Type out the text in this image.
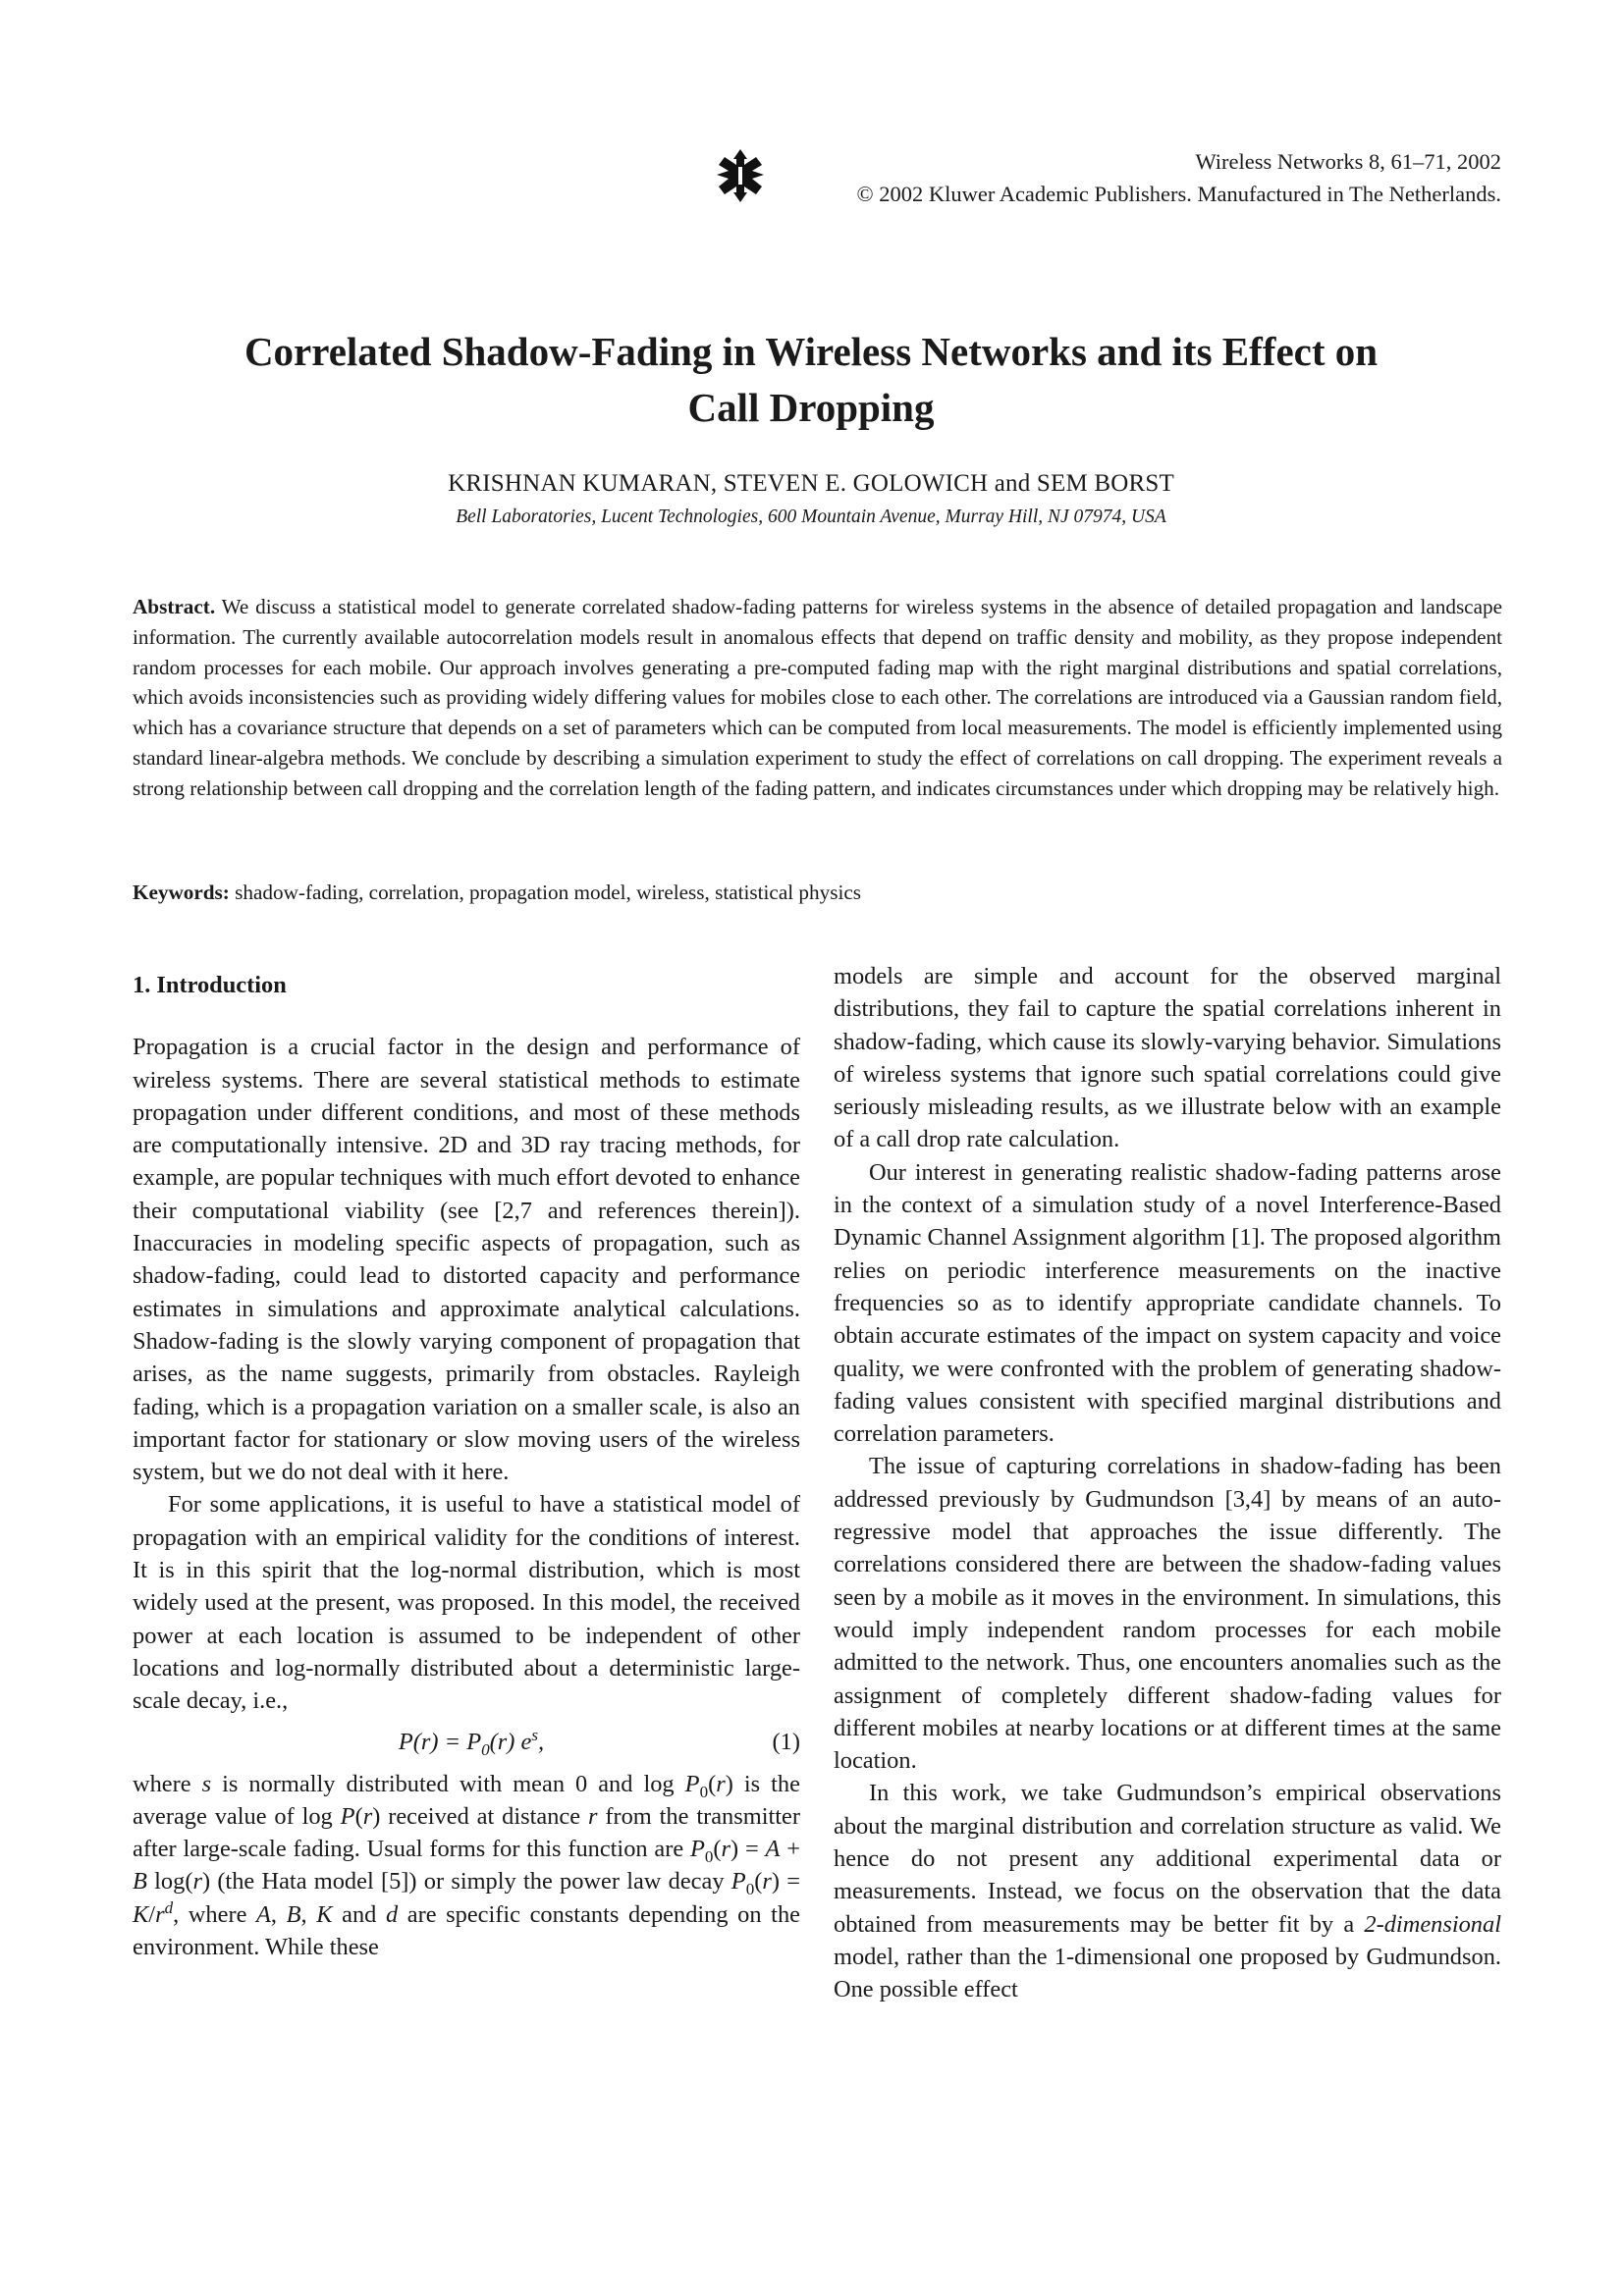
Wireless Networks 8, 61–71, 2002
© 2002 Kluwer Academic Publishers. Manufactured in The Netherlands.
Correlated Shadow-Fading in Wireless Networks and its Effect on
Call Dropping
KRISHNAN KUMARAN, STEVEN E. GOLOWICH and SEM BORST
Bell Laboratories, Lucent Technologies, 600 Mountain Avenue, Murray Hill, NJ 07974, USA
Abstract. We discuss a statistical model to generate correlated shadow-fading patterns for wireless systems in the absence of detailed propagation and landscape information. The currently available autocorrelation models result in anomalous effects that depend on traffic density and mobility, as they propose independent random processes for each mobile. Our approach involves generating a pre-computed fading map with the right marginal distributions and spatial correlations, which avoids inconsistencies such as providing widely differing values for mobiles close to each other. The correlations are introduced via a Gaussian random field, which has a covariance structure that depends on a set of parameters which can be computed from local measurements. The model is efficiently implemented using standard linear-algebra methods. We conclude by describing a simulation experiment to study the effect of correlations on call dropping. The experiment reveals a strong relationship between call dropping and the correlation length of the fading pattern, and indicates circumstances under which dropping may be relatively high.
Keywords: shadow-fading, correlation, propagation model, wireless, statistical physics
1. Introduction

Propagation is a crucial factor in the design and performance of wireless systems. There are several statistical methods to estimate propagation under different conditions, and most of these methods are computationally intensive. 2D and 3D ray tracing methods, for example, are popular techniques with much effort devoted to enhance their computational viability (see [2,7 and references therein]). Inaccuracies in modeling specific aspects of propagation, such as shadow-fading, could lead to distorted capacity and performance estimates in simulations and approximate analytical calculations. Shadow-fading is the slowly varying component of propagation that arises, as the name suggests, primarily from obstacles. Rayleigh fading, which is a propagation variation on a smaller scale, is also an important factor for stationary or slow moving users of the wireless system, but we do not deal with it here.

For some applications, it is useful to have a statistical model of propagation with an empirical validity for the conditions of interest. It is in this spirit that the log-normal distribution, which is most widely used at the present, was proposed. In this model, the received power at each location is assumed to be independent of other locations and log-normally distributed about a deterministic large-scale decay, i.e.,

$P(r) = P_0(r)$ $e^s$,	(1)

where s is normally distributed with mean 0 and $\log P_0(r)$ is the average value of log P(r) received at distance r from the transmitter after large-scale fading. Usual forms for this function are $P_0(r) = A + B$ log(r) (the Hata model [5]) or simply the power law decay $P_0(r) = K/r^d$, where A, B, K and d are specific constants depending on the environment. While these

models are simple and account for the observed marginal distributions, they fail to capture the spatial correlations inherent in shadow-fading, which cause its slowly-varying behavior. Simulations of wireless systems that ignore such spatial correlations could give seriously misleading results, as we illustrate below with an example of a call drop rate calculation.

Our interest in generating realistic shadow-fading patterns arose in the context of a simulation study of a novel Interference-Based Dynamic Channel Assignment algorithm [1]. The proposed algorithm relies on periodic interference measurements on the inactive frequencies so as to identify appropriate candidate channels. To obtain accurate estimates of the impact on system capacity and voice quality, we were confronted with the problem of generating shadow-fading values consistent with specified marginal distributions and correlation parameters.

The issue of capturing correlations in shadow-fading has been addressed previously by Gudmundson [3,4] by means of an auto-regressive model that approaches the issue differently. The correlations considered there are between the shadow-fading values seen by a mobile as it moves in the environment. In simulations, this would imply independent random processes for each mobile admitted to the network. Thus, one encounters anomalies such as the assignment of completely different shadow-fading values for different mobiles at nearby locations or at different times at the same location.

In this work, we take Gudmundson’s empirical observations about the marginal distribution and correlation structure as valid. We hence do not present any additional experimental data or measurements. Instead, we focus on the observation that the data obtained from measurements may be better fit by a 2-dimensional model, rather than the 1-dimensional one proposed by Gudmundson. One possible effect
